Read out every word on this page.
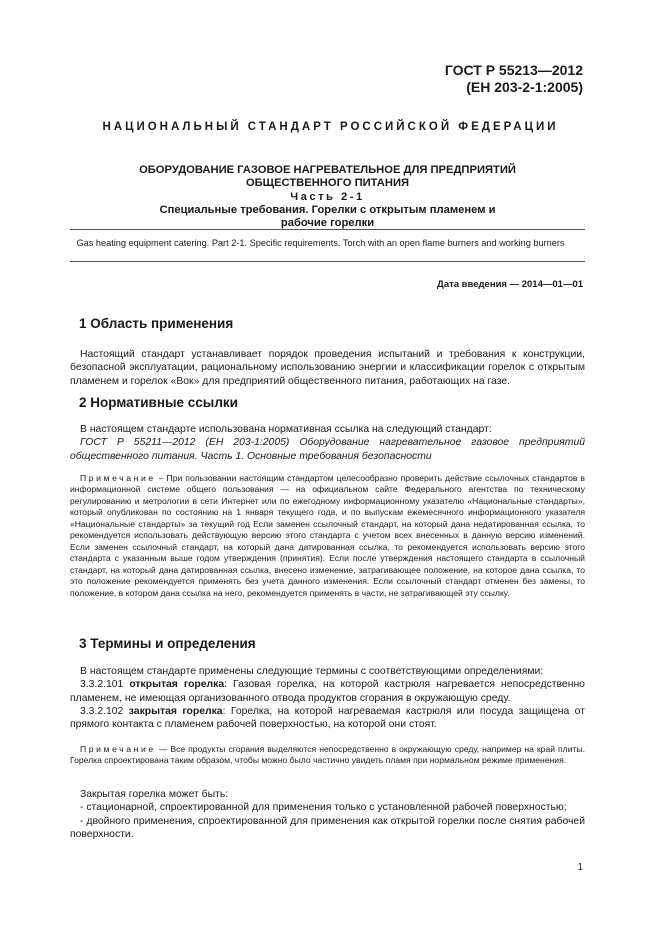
ГОСТ Р 55213—2012
(ЕН 203-2-1:2005)
НАЦИОНАЛЬНЫЙ СТАНДАРТ РОССИЙСКОЙ ФЕДЕРАЦИИ
ОБОРУДОВАНИЕ ГАЗОВОЕ НАГРЕВАТЕЛЬНОЕ ДЛЯ ПРЕДПРИЯТИЙ
ОБЩЕСТВЕННОГО ПИТАНИЯ
Часть 2-1
Специальные требования. Горелки с открытым пламенем и
рабочие горелки
Gas heating equipment catering. Part 2-1. Specific requirements. Torch with an open flame burners and working burners
Дата введения — 2014—01—01
1 Область применения

Настоящий стандарт устанавливает порядок проведения испытаний и требования к конструкции, безопасной эксплуатации, рациональному использованию энергии и классификации горелок с открытым пламенем и горелок «Вок» для предприятий общественного питания, работающих на газе.

2 Нормативные ссылки

В настоящем стандарте использована нормативная ссылка на следующий стандарт:

ГОСТ Р 55211—2012 (ЕН 203-1:2005) Оборудование нагревательное газовое предприятий общественного питания. Часть 1. Основные требования безопасности

Примечание – При пользовании настоящим стандартом целесообразно проверить действие ссылочных стандартов в информационной системе общего пользования — на официальном сайте Федерального агентства по техническому регулированию и метрологии в сети Интернет или по ежегодному информационному указателю «Национальные стандарты», который опубликован по состоянию на 1 января текущего года, и по выпускам ежемесячного информационного указателя «Национальные стандарты» за текущий год Если заменен ссылочный стандарт, на который дана недатированная ссылка, то рекомендуется использовать действующую версию этого стандарта с учетом всех внесенных в данную версию изменений. Если заменен ссылочный стандарт, на который дана датированная ссылка, то рекомендуется использовать версию этого стандарта с указанным выше годом утверждения (принятия). Если после утверждения настоящего стандарта в ссылочный стандарт, на который дана датированная ссылка, внесено изменение, затрагивающее положение, на которое дана ссылка, то это положение рекомендуется применять без учета данного изменения. Если ссылочный стандарт отменен без замены, то положение, в котором дана ссылка на него, рекомендуется применять в части, не затрагивающей эту ссылку.

3 Термины и определения

В настоящем стандарте применены следующие термины с соответствующими определениями:

3.3.2.101 открытая горелка: Газовая горелка, на которой кастрюля нагревается непосредственно пламенем, не имеющая организованного отвода продуктов сгорания в окружающую среду.

3.3.2.102 закрытая горелка: Горелка, на которой нагреваемая кастрюля или посуда защищена от прямого контакта с пламенем рабочей поверхностью, на которой они стоят.

Примечание — Все продукты сгорания выделяются непосредственно в окружающую среду, например на край плиты. Горелка спроектирована таким образом, чтобы можно было частично увидеть пламя при нормальном режиме применения.

Закрытая горелка может быть:

- стационарной, спроектированной для применения только с установленной рабочей поверхностью;

- двойного применения, спроектированной для применения как открытой горелки после снятия рабочей поверхности.

1
